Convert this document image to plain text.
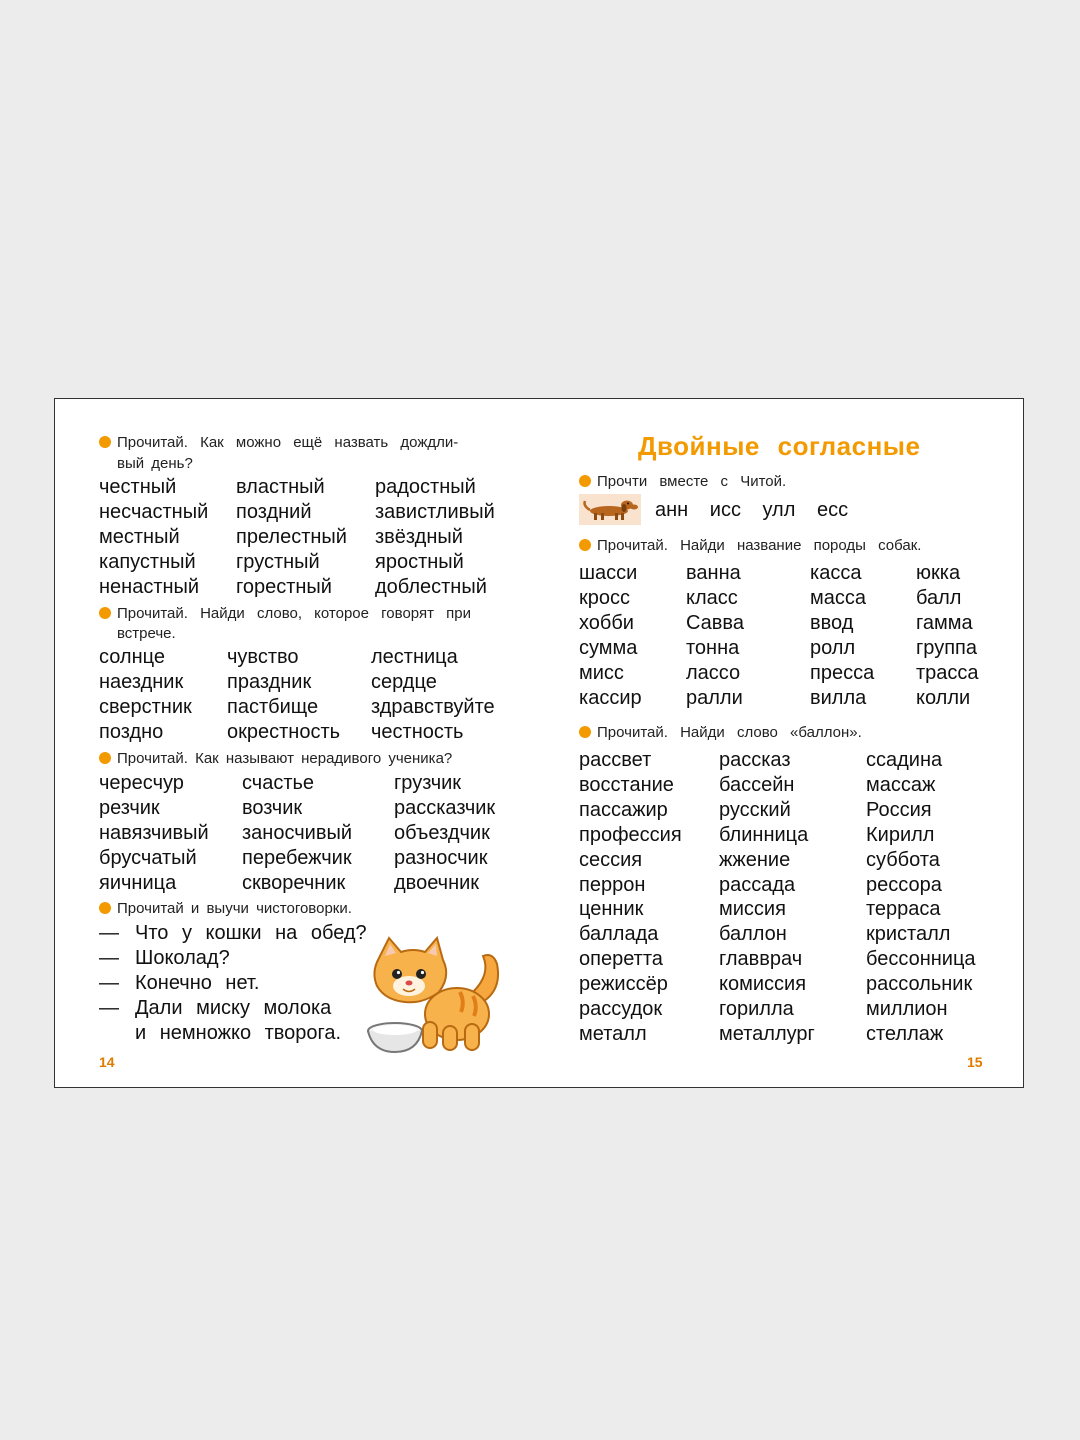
Прочитай. Как можно ещё назвать дождли-
вый день?
честный
несчастный
местный
капустный
ненастный
властный
поздний
прелестный
грустный
горестный
радостный
завистливый
звёздный
яростный
доблестный
Прочитай. Найди слово, которое говорят при
встрече.
солнце
наездник
сверстник
поздно
чувство
праздник
пастбище
окрестность
лестница
сердце
здравствуйте
честность
Прочитай. Как называют нерадивого ученика?
чересчур
резчик
навязчивый
брусчатый
яичница
счастье
возчик
заносчивый
перебежчик
скворечник
грузчик
рассказчик
объездчик
разносчик
двоечник
Прочитай и выучи чистоговорки.
— Что у кошки на обед?
— Шоколад?
— Конечно нет.
— Дали миску молока
и немножко творога.
14
Двойные согласные
Прочти вместе с Читой.
анн исс улл есс
Прочитай. Найди название породы собак.
шасси
кросс
хобби
сумма
мисс
кассир
ванна
класс
Савва
тонна
лассо
ралли
касса
масса
ввод
ролл
пресса
вилла
юкка
балл
гамма
группа
трасса
колли
Прочитай. Найди слово «баллон».
рассвет
восстание
пассажир
профессия
сессия
перрон
ценник
баллада
оперетта
режиссёр
рассудок
металл
рассказ
бассейн
русский
блинница
жжение
рассада
миссия
баллон
главврач
комиссия
горилла
металлург
ссадина
массаж
Россия
Кирилл
суббота
рессора
терраса
кристалл
бессонница
рассольник
миллион
стеллаж
15
